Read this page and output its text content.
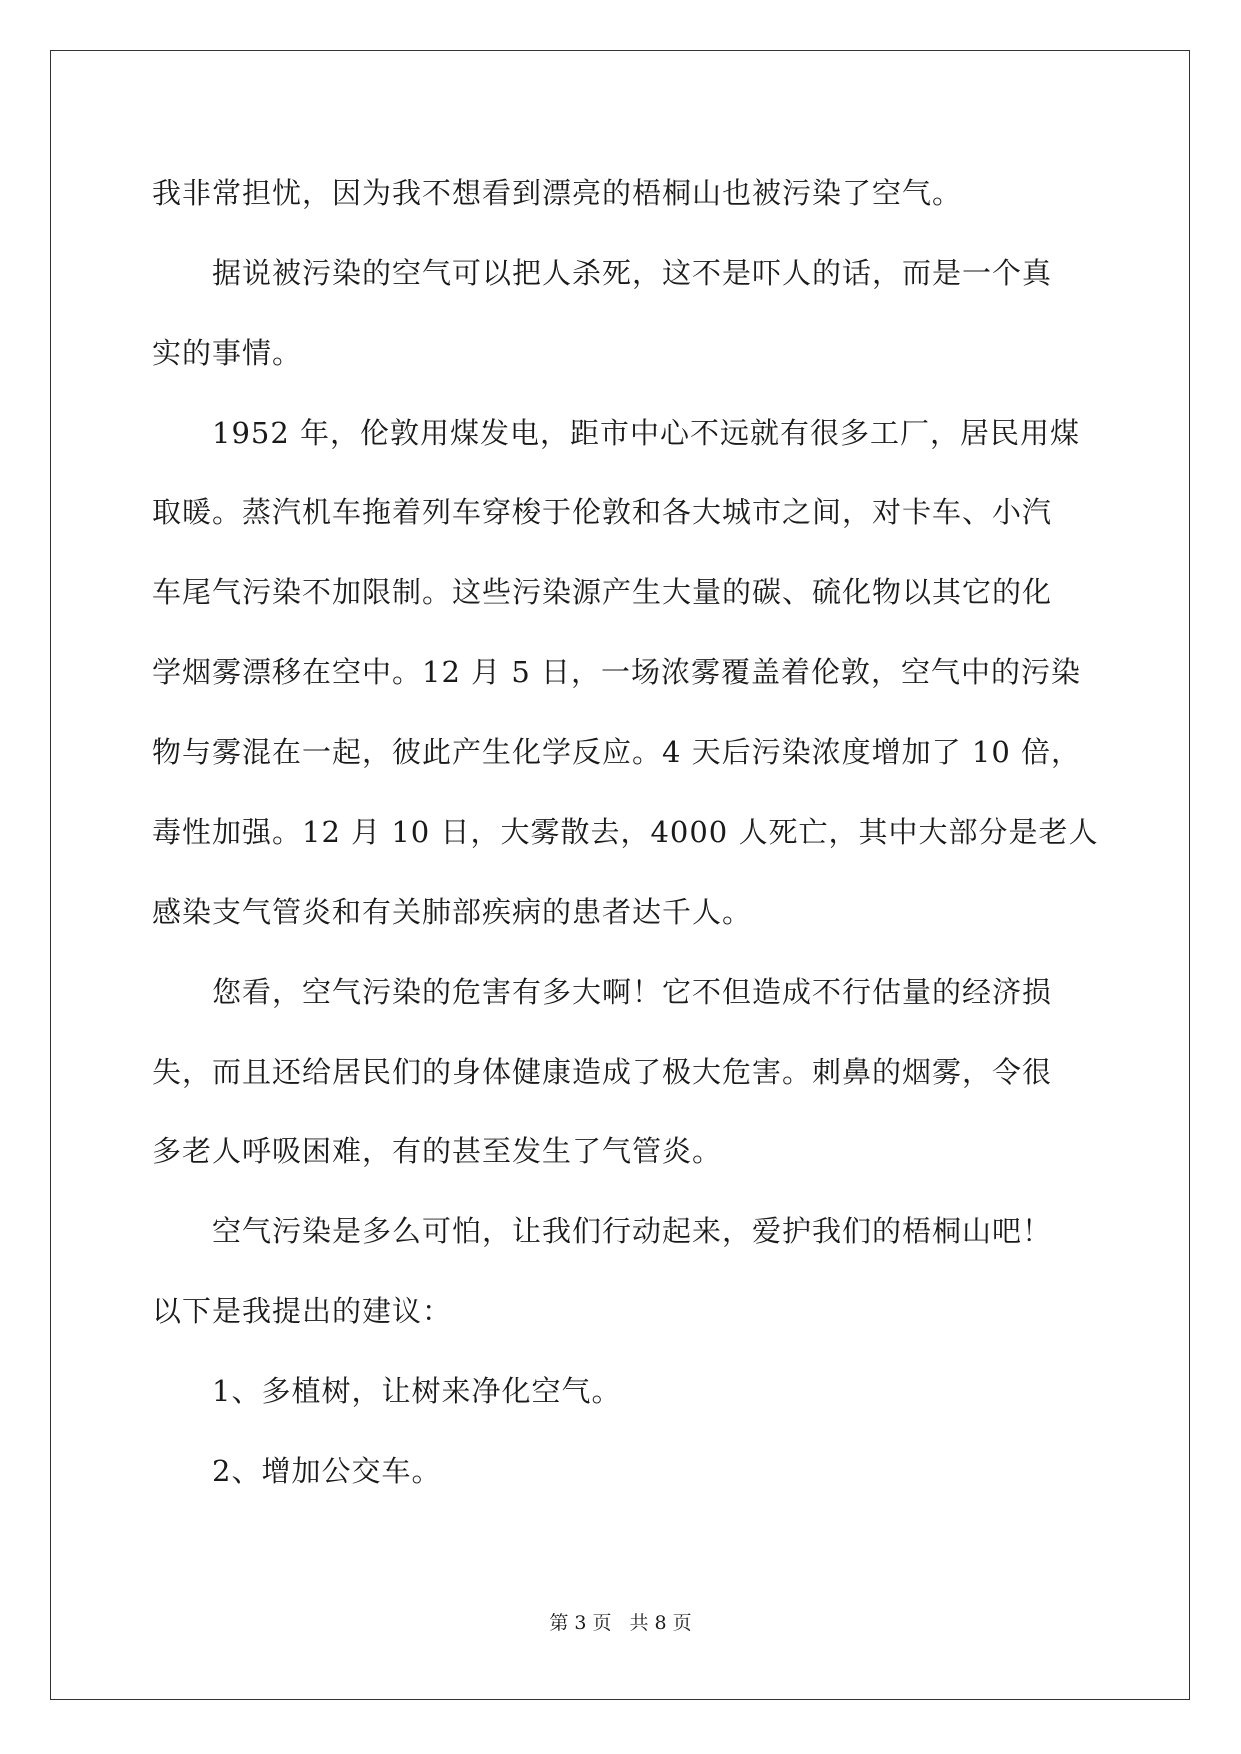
我非常担忧，因为我不想看到漂亮的梧桐山也被污染了空气。
　　据说被污染的空气可以把人杀死，这不是吓人的话，而是一个真
实的事情。
　　1952 年，伦敦用煤发电，距市中心不远就有很多工厂，居民用煤
取暖。蒸汽机车拖着列车穿梭于伦敦和各大城市之间，对卡车、小汽
车尾气污染不加限制。这些污染源产生大量的碳、硫化物以其它的化
学烟雾漂移在空中。12 月 5 日，一场浓雾覆盖着伦敦，空气中的污染
物与雾混在一起，彼此产生化学反应。4 天后污染浓度增加了 10 倍，
毒性加强。12 月 10 日，大雾散去，4000 人死亡，其中大部分是老人
感染支气管炎和有关肺部疾病的患者达千人。
　　您看，空气污染的危害有多大啊！它不但造成不行估量的经济损
失，而且还给居民们的身体健康造成了极大危害。刺鼻的烟雾，令很
多老人呼吸困难，有的甚至发生了气管炎。
　　空气污染是多么可怕，让我们行动起来，爱护我们的梧桐山吧！
以下是我提出的建议：
　　1、多植树，让树来净化空气。
　　2、增加公交车。
第 3 页 共 8 页
